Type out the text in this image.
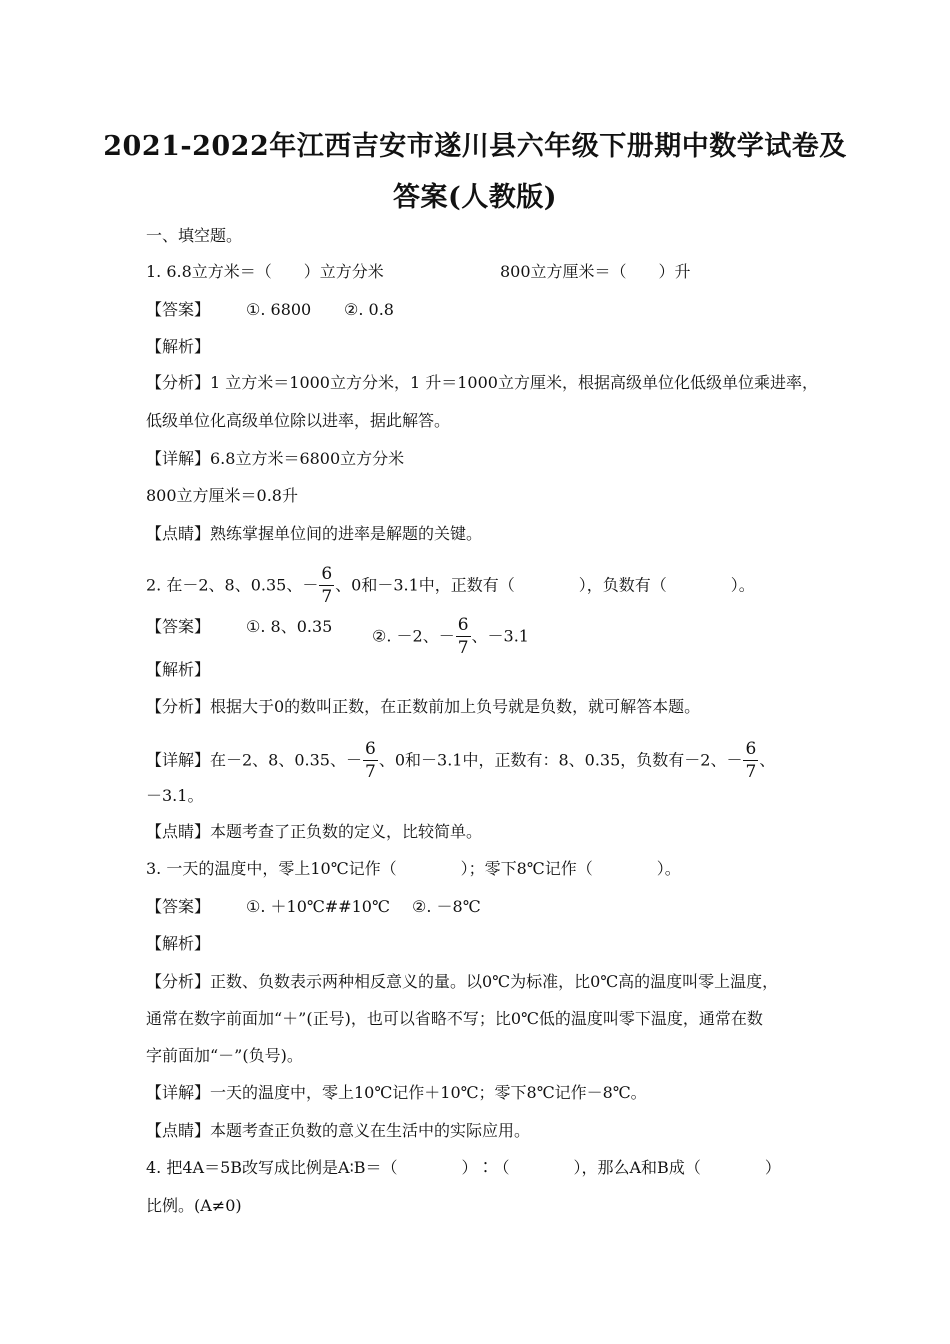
2021-2022年江西吉安市遂川县六年级下册期中数学试卷及
答案(人教版)
一、填空题。
1. 6.8立方米＝（　　）立方分米	800立方厘米＝（　　）升
【答案】 ①. 6800 ②. 0.8
【解析】
【分析】1 立方米＝1000立方分米，1 升＝1000立方厘米，根据高级单位化低级单位乘进率，
低级单位化高级单位除以进率，据此解答。
【详解】6.8立方米＝6800立方分米
800立方厘米＝0.8升
【点睛】熟练掌握单位间的进率是解题的关键。
2. 在－2、8、0.35、－ $\frac{6}{7}$ 、0和－3.1中，正数有（　　　　），负数有（　　　　）。
【答案】 ①. 8、0.35 ②. －2、－ $\frac{6}{7}$ 、－3.1
【解析】
【分析】根据大于0的数叫正数，在正数前加上负号就是负数，就可解答本题。
【详解】在－2、8、0.35、－ $\frac{6}{7}$ 、0和－3.1中，正数有：8、0.35，负数有－2、－ $\frac{6}{7}$ 、
－3.1。
【点睛】本题考查了正负数的定义，比较简单。
3. 一天的温度中，零上10℃记作（　　　　）；零下8℃记作（　　　　）。
【答案】 ①. ＋10℃##10℃ ②. －8℃
【解析】
【分析】正数、负数表示两种相反意义的量。以0℃为标准，比0℃高的温度叫零上温度，
通常在数字前面加“＋”(正号)，也可以省略不写；比0℃低的温度叫零下温度，通常在数
字前面加“－”(负号)。
【详解】一天的温度中，零上10℃记作＋10℃；零下8℃记作－8℃。
【点睛】本题考查正负数的意义在生活中的实际应用。
4. 把4A＝5B改写成比例是A∶B＝（　　　　）∶（　　　　），那么A和B成（　　　　）
比例。(A≠0)
